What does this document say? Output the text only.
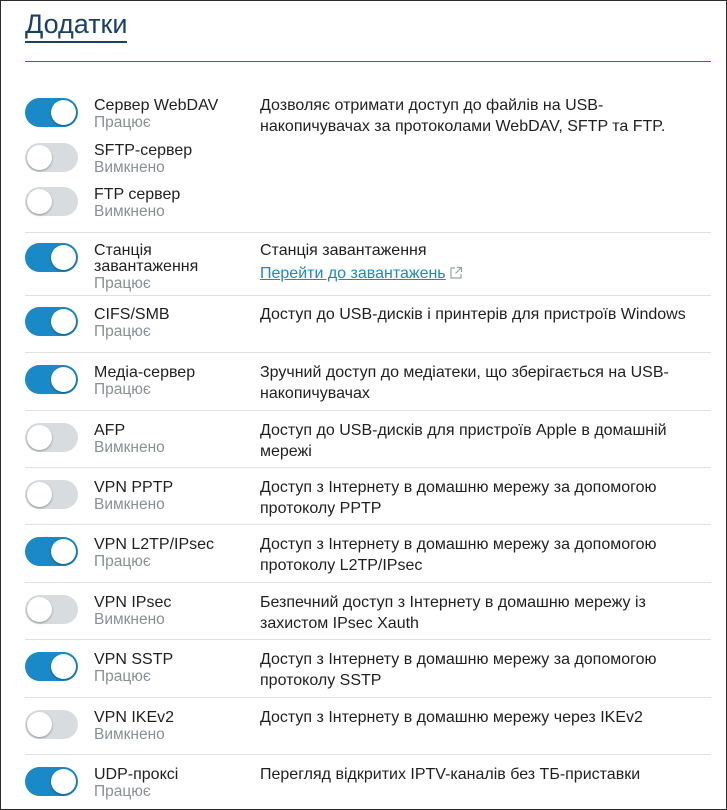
Додатки
Сервер WebDAV
Працює
SFTP-сервер
Вимкнено
FTP сервер
Вимкнено
Дозволяє отримати доступ до файлів на USB-накопичувачах за протоколами WebDAV, SFTP та FTP.
Станція завантаження
Працює
Станція завантаження
Перейти до завантажень
CIFS/SMB
Працює
Доступ до USB-дисків і принтерів для пристроїв Windows
Медіа-сервер
Працює
Зручний доступ до медіатеки, що зберігається на USB-накопичувачах
AFP
Вимкнено
Доступ до USB-дисків для пристроїв Apple в домашній мережі
VPN PPTP
Вимкнено
Доступ з Інтернету в домашню мережу за допомогою протоколу PPTP
VPN L2TP/IPsec
Працює
Доступ з Інтернету в домашню мережу за допомогою протоколу L2TP/IPsec
VPN IPsec
Вимкнено
Безпечний доступ з Інтернету в домашню мережу із захистом IPsec Xauth
VPN SSTP
Працює
Доступ з Інтернету в домашню мережу за допомогою протоколу SSTP
VPN IKEv2
Вимкнено
Доступ з Інтернету в домашню мережу через IKEv2
UDP-проксі
Працює
Перегляд відкритих IPTV-каналів без ТБ-приставки
